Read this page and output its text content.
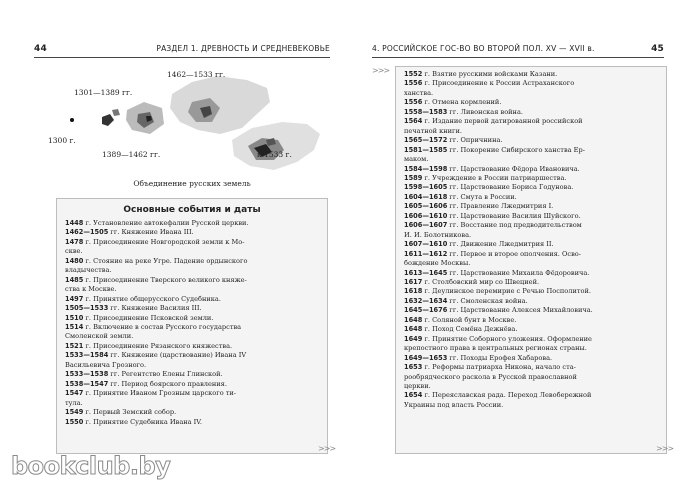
44	РАЗДЕЛ 1. ДРЕВНОСТЬ И СРЕДНЕВЕКОВЬЕ	4. РОССИЙСКОЕ ГОС-ВО ВО ВТОРОЙ ПОЛ. XV — XVII в.	45
1300 г.
1301—1389 гг.
1389—1462 гг.
1462—1533 гг.
к 1533 г.
Объединение русских земель
Основные события и даты
1448 г. Установление автокефалии Русской церкви.
1462—1505 гг. Княжение Ивана III.
1478 г. Присоединение Новгородской земли к Мо-
скве.
1480 г. Стояние на реке Угре. Падение ордынского
владычества.
1485 г. Присоединение Тверского великого княже-
ства к Москве.
1497 г. Принятие общерусского Судебника.
1505—1533 гг. Княжение Василия III.
1510 г. Присоединение Псковской земли.
1514 г. Включение в состав Русского государства
Смоленской земли.
1521 г. Присоединение Рязанского княжества.
1533—1584 гг. Княжение (царствование) Ивана IV
Васильевича Грозного.
1533—1538 гг. Регентство Елены Глинской.
1538—1547 гг. Период боярского правления.
1547 г. Принятие Иваном Грозным царского ти-
тула.
1549 г. Первый Земский собор.
1550 г. Принятие Судебника Ивана IV.
1552 г. Взятие русскими войсками Казани.
1556 г. Присоединение к России Астраханского
ханства.
1556 г. Отмена кормлений.
1558—1583 гг. Ливонская война.
1564 г. Издание первой датированной российской
печатной книги.
1565—1572 гг. Опричнина.
1581—1585 гг. Покорение Сибирского ханства Ер-
маком.
1584—1598 гг. Царствование Фёдора Ивановича.
1589 г. Учреждение в России патриаршества.
1598—1605 гг. Царствование Бориса Годунова.
1604—1618 гг. Смута в России.
1605—1606 гг. Правление Лжедмитрия I.
1606—1610 гг. Царствование Василия Шуйского.
1606—1607 гг. Восстание под предводительством
И. И. Болотникова.
1607—1610 гг. Движение Лжедмитрия II.
1611—1612 гг. Первое и второе ополчения. Осво-
бождение Москвы.
1613—1645 гг. Царствование Михаила Фёдоровича.
1617 г. Столбовский мир со Швецией.
1618 г. Деулинское перемирие с Речью Посполитой.
1632—1634 гг. Смоленская война.
1645—1676 гг. Царствование Алексея Михайловича.
1648 г. Соляной бунт в Москве.
1648 г. Поход Семёна Дежнёва.
1649 г. Принятие Соборного уложения. Оформление
крепостного права в центральных регионах страны.
1649—1653 гг. Походы Ерофея Хабарова.
1653 г. Реформы патриарха Никона, начало ста-
рообрядческого раскола в Русской православной
церкви.
1654 г. Переяславская рада. Переход Левобережной
Украины под власть России.
>>>
>>>
>>>
bookclub.by
